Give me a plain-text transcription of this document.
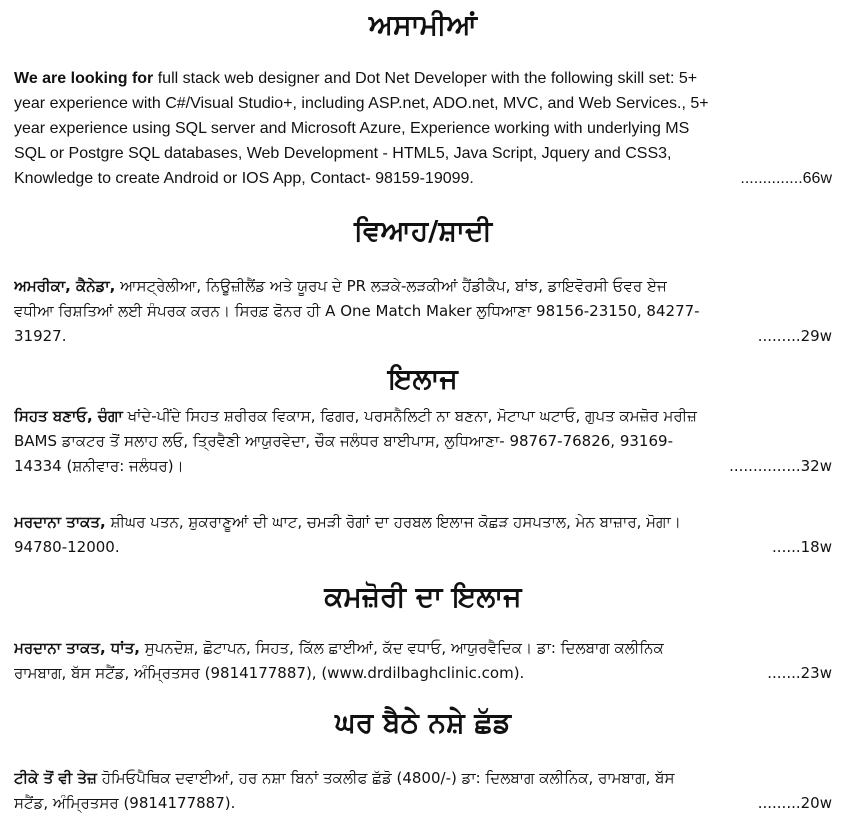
ਅਸਾਮੀਆਂ
We are looking for full stack web designer and Dot Net Developer with the following skill set: 5+
year experience with C#/Visual Studio+, including ASP.net, ADO.net, MVC, and Web Services., 5+
year experience using SQL server and Microsoft Azure, Experience working with underlying MS
SQL or Postgre SQL databases, Web Development - HTML5, Java Script, Jquery and CSS3,
Knowledge to create Android or IOS App, Contact- 98159-19099.	..............66w
ਵਿਆਹ/ਸ਼ਾਦੀ
ਅਮਰੀਕਾ, ਕੈਨੇਡਾ, ਆਸਟ੍ਰੇਲੀਆ, ਨਿਊਜ਼ੀਲੈਂਡ ਅਤੇ ਯੂਰਪ ਦੇ PR ਲੜਕੇ-ਲੜਕੀਆਂ ਹੈਂਡੀਕੈਪ, ਬਾਂਝ, ਡਾਇਵੋਰਸੀ ਓਵਰ ਏਜ
ਵਧੀਆ ਰਿਸ਼ਤਿਆਂ ਲਈ ਸੰਪਰਕ ਕਰਨ। ਸਿਰਫ਼ ਫੋਨਰ ਹੀ A One Match Maker ਲੁਧਿਆਣਾ 98156-23150, 84277-
31927.	.........29w
ਇਲਾਜ
ਸਿਹਤ ਬਣਾਓ, ਚੰਗਾ ਖਾਂਦੇ-ਪੀਂਦੇ ਸਿਹਤ ਸ਼ਰੀਰਕ ਵਿਕਾਸ, ਫਿਗਰ, ਪਰਸਨੈਲਿਟੀ ਨਾ ਬਣਨਾ, ਮੋਟਾਪਾ ਘਟਾਓ, ਗੁਪਤ ਕਮਜ਼ੋਰ ਮਰੀਜ਼
BAMS ਡਾਕਟਰ ਤੋਂ ਸਲਾਹ ਲਓ, ਤ੍ਰਿਵੈਣੀ ਆਯੁਰਵੇਦਾ, ਚੌਕ ਜਲੰਧਰ ਬਾਈਪਾਸ, ਲੁਧਿਆਣਾ- 98767-76826, 93169-
14334 (ਸ਼ਨੀਵਾਰ: ਜਲੰਧਰ)।	...............32w
ਮਰਦਾਨਾ ਤਾਕਤ, ਸ਼ੀਘਰ ਪਤਨ, ਸ਼ੁਕਰਾਣੂਆਂ ਦੀ ਘਾਟ, ਚਮੜੀ ਰੋਗਾਂ ਦਾ ਹਰਬਲ ਇਲਾਜ ਕੋਛੜ ਹਸਪਤਾਲ, ਮੇਨ ਬਾਜ਼ਾਰ, ਮੋਗਾ।
94780-12000.	......18w
ਕਮਜ਼ੋਰੀ ਦਾ ਇਲਾਜ
ਮਰਦਾਨਾ ਤਾਕਤ, ਧਾਂਤ, ਸੁਪਨਦੋਸ਼, ਛੋਟਾਪਨ, ਸਿਹਤ, ਕਿੱਲ ਛਾਈਆਂ, ਕੱਦ ਵਧਾਓ, ਆਯੁਰਵੈਦਿਕ। ਡਾ: ਦਿਲਬਾਗ ਕਲੀਨਿਕ
ਰਾਮਬਾਗ, ਬੱਸ ਸਟੈਂਡ, ਅੰਮ੍ਰਿਤਸਰ (9814177887), (www.drdilbaghclinic.com).	.......23w
ਘਰ ਬੈਠੇ ਨਸ਼ੇ ਛੱਡ
ਟੀਕੇ ਤੋਂ ਵੀ ਤੇਜ਼ ਹੋਮਿਓਪੈਥਿਕ ਦਵਾਈਆਂ, ਹਰ ਨਸ਼ਾ ਬਿਨਾਂ ਤਕਲੀਫ ਛੱਡੋ (4800/-) ਡਾ: ਦਿਲਬਾਗ ਕਲੀਨਿਕ, ਰਾਮਬਾਗ, ਬੱਸ
ਸਟੈਂਡ, ਅੰਮ੍ਰਿਤਸਰ (9814177887).	.........20w
